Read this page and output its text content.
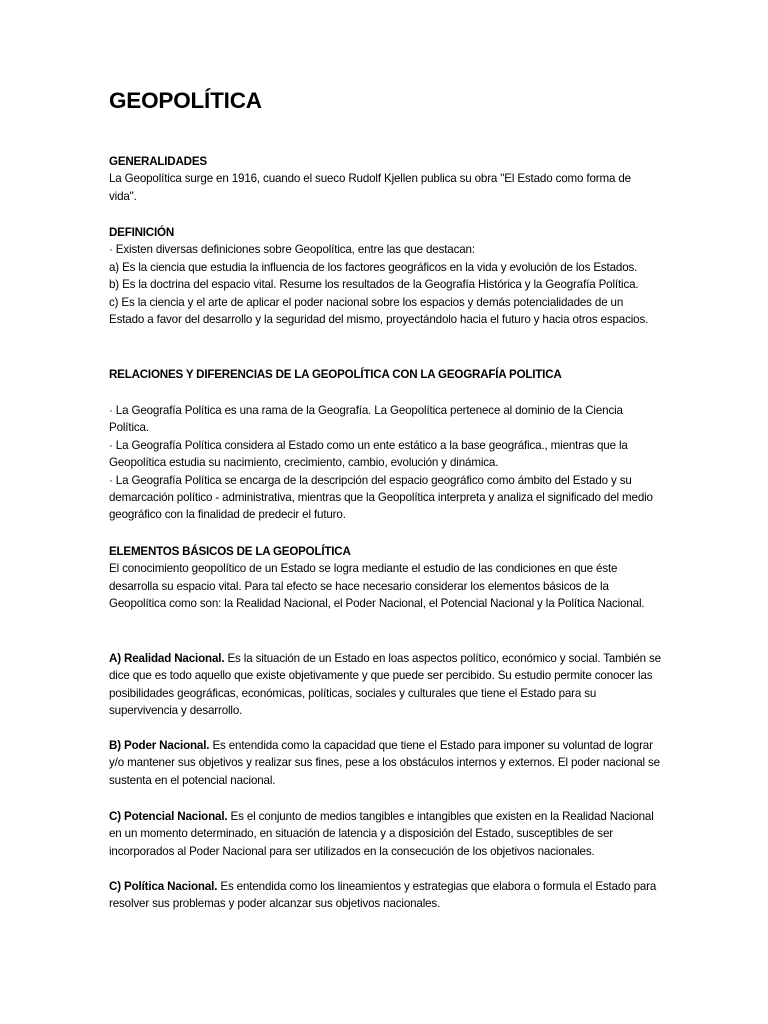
GEOPOLÍTICA

GENERALIDADES

La Geopolítica surge en 1916, cuando el sueco Rudolf Kjellen publica su obra "El Estado como forma de vida".

DEFINICIÓN

· Existen diversas definiciones sobre Geopolítica, entre las que destacan:

a) Es la ciencia que estudia la influencia de los factores geográficos en la vida y evolución de los Estados.

b) Es la doctrina del espacio vital. Resume los resultados de la Geografía Histórica y la Geografía Política.

c) Es la ciencia y el arte de aplicar el poder nacional sobre los espacios y demás potencialidades de un Estado a favor del desarrollo y la seguridad del mismo, proyectándolo hacia el futuro y hacia otros espacios.

RELACIONES Y DIFERENCIAS DE LA GEOPOLÍTICA CON LA GEOGRAFÍA POLITICA

· La Geografía Política es una rama de la Geografía. La Geopolítica pertenece al dominio de la Ciencia Política.

· La Geografía Política considera al Estado como un ente estático a la base geográfica., mientras que la Geopolítica estudia su nacimiento, crecimiento, cambio, evolución y dinámica.

· La Geografía Política se encarga de la descripción del espacio geográfico como ámbito del Estado y su demarcación político - administrativa, mientras que la Geopolítica interpreta y analiza el significado del medio geográfico con la finalidad de predecir el futuro.

ELEMENTOS BÁSICOS DE LA GEOPOLÍTICA

El conocimiento geopolítico de un Estado se logra mediante el estudio de las condiciones en que éste desarrolla su espacio vital. Para tal efecto se hace necesario considerar los elementos básicos de la Geopolítica como son: la Realidad Nacional, el Poder Nacional, el Potencial Nacional y la Política Nacional.

A) Realidad Nacional. Es la situación de un Estado en loas aspectos político, económico y social. También se dice que es todo aquello que existe objetivamente y que puede ser percibido. Su estudio permite conocer las posibilidades geográficas, económicas, políticas, sociales y culturales que tiene el Estado para su supervivencia y desarrollo.

B) Poder Nacional. Es entendida como la capacidad que tiene el Estado para imponer su voluntad de lograr y/o mantener sus objetivos y realizar sus fines, pese a los obstáculos internos y externos. El poder nacional se sustenta en el potencial nacional.

C) Potencial Nacional. Es el conjunto de medios tangibles e intangibles que existen en la Realidad Nacional en un momento determinado, en situación de latencia y a disposición del Estado, susceptibles de ser incorporados al Poder Nacional para ser utilizados en la consecución de los objetivos nacionales.

C) Política Nacional. Es entendida como los lineamientos y estrategias que elabora o formula el Estado para resolver sus problemas y poder alcanzar sus objetivos nacionales.
